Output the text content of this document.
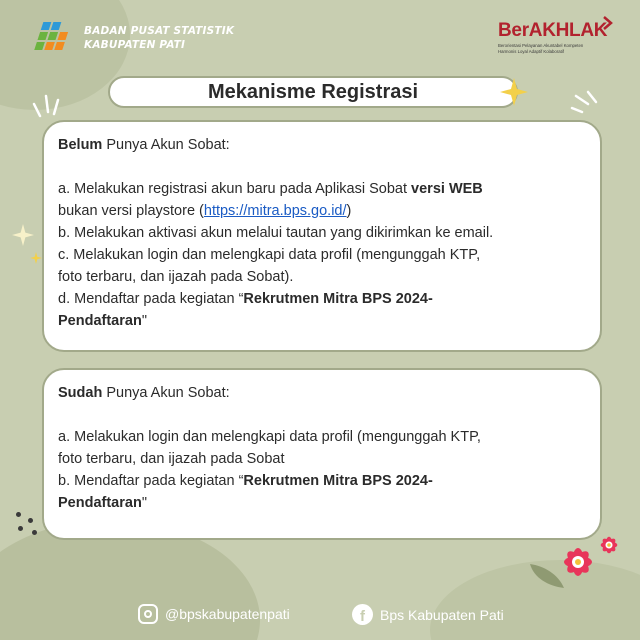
BADAN PUSAT STATISTIK
KABUPATEN PATI
BerAKHLAK
Berorientasi Pelayanan Akuntabel Kompeten
Harmonis Loyal Adaptif Kolaboratif
Mekanisme Registrasi
Belum Punya Akun Sobat:
a. Melakukan registrasi akun baru pada Aplikasi Sobat versi WEB
bukan versi playstore (https://mitra.bps.go.id/)
b. Melakukan aktivasi akun melalui tautan yang dikirimkan ke email.
c. Melakukan login dan melengkapi data profil (mengunggah KTP,
foto terbaru, dan ijazah pada Sobat).
d. Mendaftar pada kegiatan “Rekrutmen Mitra BPS 2024-
Pendaftaran"
Sudah Punya Akun Sobat:
a. Melakukan login dan melengkapi data profil (mengunggah KTP,
foto terbaru, dan ijazah pada Sobat
b. Mendaftar pada kegiatan “Rekrutmen Mitra BPS 2024-
Pendaftaran"
@bpskabupatenpati	f	Bps Kabupaten Pati
